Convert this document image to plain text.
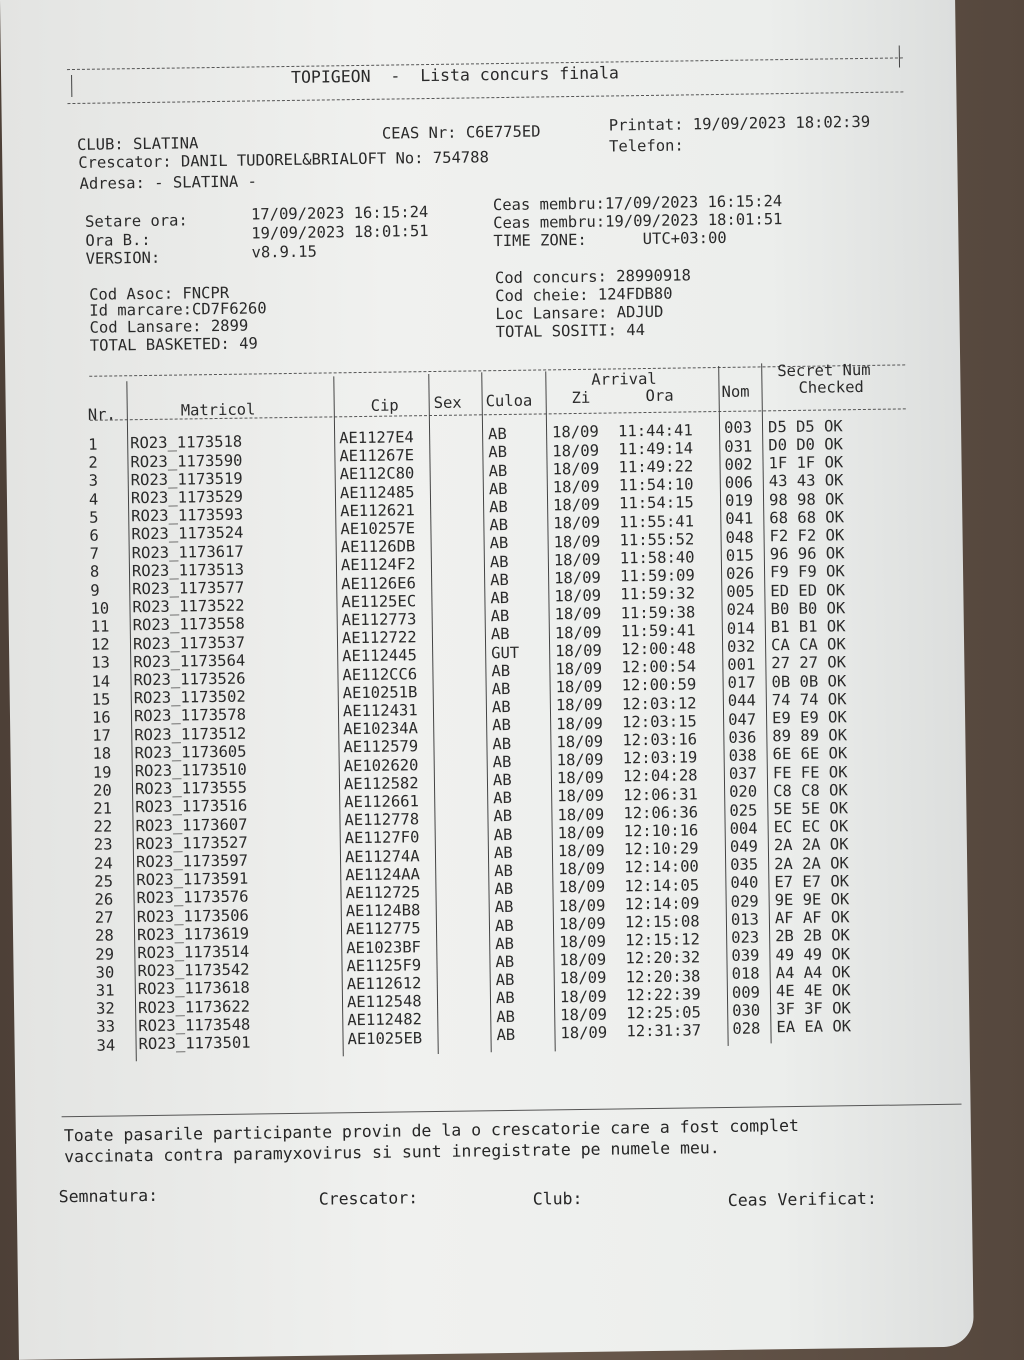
TOPIGEON  -  Lista concurs finala
CLUB: SLATINA
CEAS Nr: C6E775ED	Printat: 19/09/2023 18:02:39
Crescator: DANIL TUDOREL&BRIALOFT No: 754788
Telefon:
Adresa: - SLATINA -
Setare ora:	17/09/2023 16:15:24
Ora B.:	19/09/2023 18:01:51
VERSION:	v8.9.15
Ceas membru:17/09/2023 16:15:24
Ceas membru:19/09/2023 18:01:51
TIME ZONE:      UTC+03:00
Cod Asoc: FNCPR
Id marcare:CD7F6260
Cod Lansare: 2899
TOTAL BASKETED: 49
Cod concurs: 28990918
Cod cheie: 124FDB80
Loc Lansare: ADJUD
TOTAL SOSITI: 44
Nr.	Matricol	Cip Sex Culoa
Arrival
Zi	Ora	Nom
Secret Num
Checked
1 RO23_1173518	AE1127E4	AB	18/09 11:44:41 003 D5 D5 OK
2 RO23_1173590	AE11267E	AB	18/09 11:49:14 031 D0 D0 OK
3 RO23_1173519	AE112C80	AB	18/09 11:49:22 002 1F 1F OK
4 RO23_1173529	AE112485	AB	18/09 11:54:10 006 43 43 OK
5 RO23_1173593	AE112621	AB	18/09 11:54:15 019 98 98 OK
6 RO23_1173524	AE10257E	AB	18/09 11:55:41 041 68 68 OK
7 RO23_1173617	AE1126DB	AB	18/09 11:55:52 048 F2 F2 OK
8 RO23_1173513	AE1124F2	AB	18/09 11:58:40 015 96 96 OK
9 RO23_1173577	AE1126E6	AB	18/09 11:59:09 026 F9 F9 OK
10 RO23_1173522	AE1125EC	AB	18/09 11:59:32 005 ED ED OK
11 RO23_1173558	AE112773	AB	18/09 11:59:38 024 B0 B0 OK
12 RO23_1173537	AE112722	AB	18/09 11:59:41 014 B1 B1 OK
13 RO23_1173564	AE112445	GUT 18/09 12:00:48 032 CA CA OK
14 RO23_1173526	AE112CC6	AB	18/09 12:00:54 001 27 27 OK
15 RO23_1173502	AE10251B	AB	18/09 12:00:59 017 0B 0B OK
16 RO23_1173578	AE112431	AB	18/09 12:03:12 044 74 74 OK
17 RO23_1173512	AE10234A	AB	18/09 12:03:15 047 E9 E9 OK
18 RO23_1173605	AE112579	AB	18/09 12:03:16 036 89 89 OK
19 RO23_1173510	AE102620	AB	18/09 12:03:19 038 6E 6E OK
20 RO23_1173555	AE112582	AB	18/09 12:04:28 037 FE FE OK
21 RO23_1173516	AE112661	AB	18/09 12:06:31 020 C8 C8 OK
22 RO23_1173607	AE112778	AB	18/09 12:06:36 025 5E 5E OK
23 RO23_1173527	AE1127F0	AB	18/09 12:10:16 004 EC EC OK
24 RO23_1173597	AE11274A	AB	18/09 12:10:29 049 2A 2A OK
25 RO23_1173591	AE1124AA	AB	18/09 12:14:00 035 2A 2A OK
26 RO23_1173576	AE112725	AB	18/09 12:14:05 040 E7 E7 OK
27 RO23_1173506	AE1124B8	AB	18/09 12:14:09 029 9E 9E OK
28 RO23_1173619	AE112775	AB	18/09 12:15:08 013 AF AF OK
29 RO23_1173514	AE1023BF	AB	18/09 12:15:12 023 2B 2B OK
30 RO23_1173542	AE1125F9	AB	18/09 12:20:32 039 49 49 OK
31 RO23_1173618	AE112612	AB	18/09 12:20:38 018 A4 A4 OK
32 RO23_1173622	AE112548	AB	18/09 12:22:39 009 4E 4E OK
33 RO23_1173548	AE112482	AB	18/09 12:25:05 030 3F 3F OK
34 RO23_1173501	AE1025EB	AB	18/09 12:31:37 028 EA EA OK
Toate pasarile participante provin de la o crescatorie care a fost complet
vaccinata contra paramyxovirus si sunt inregistrate pe numele meu.
Semnatura:	Crescator:	Club:	Ceas Verificat:
